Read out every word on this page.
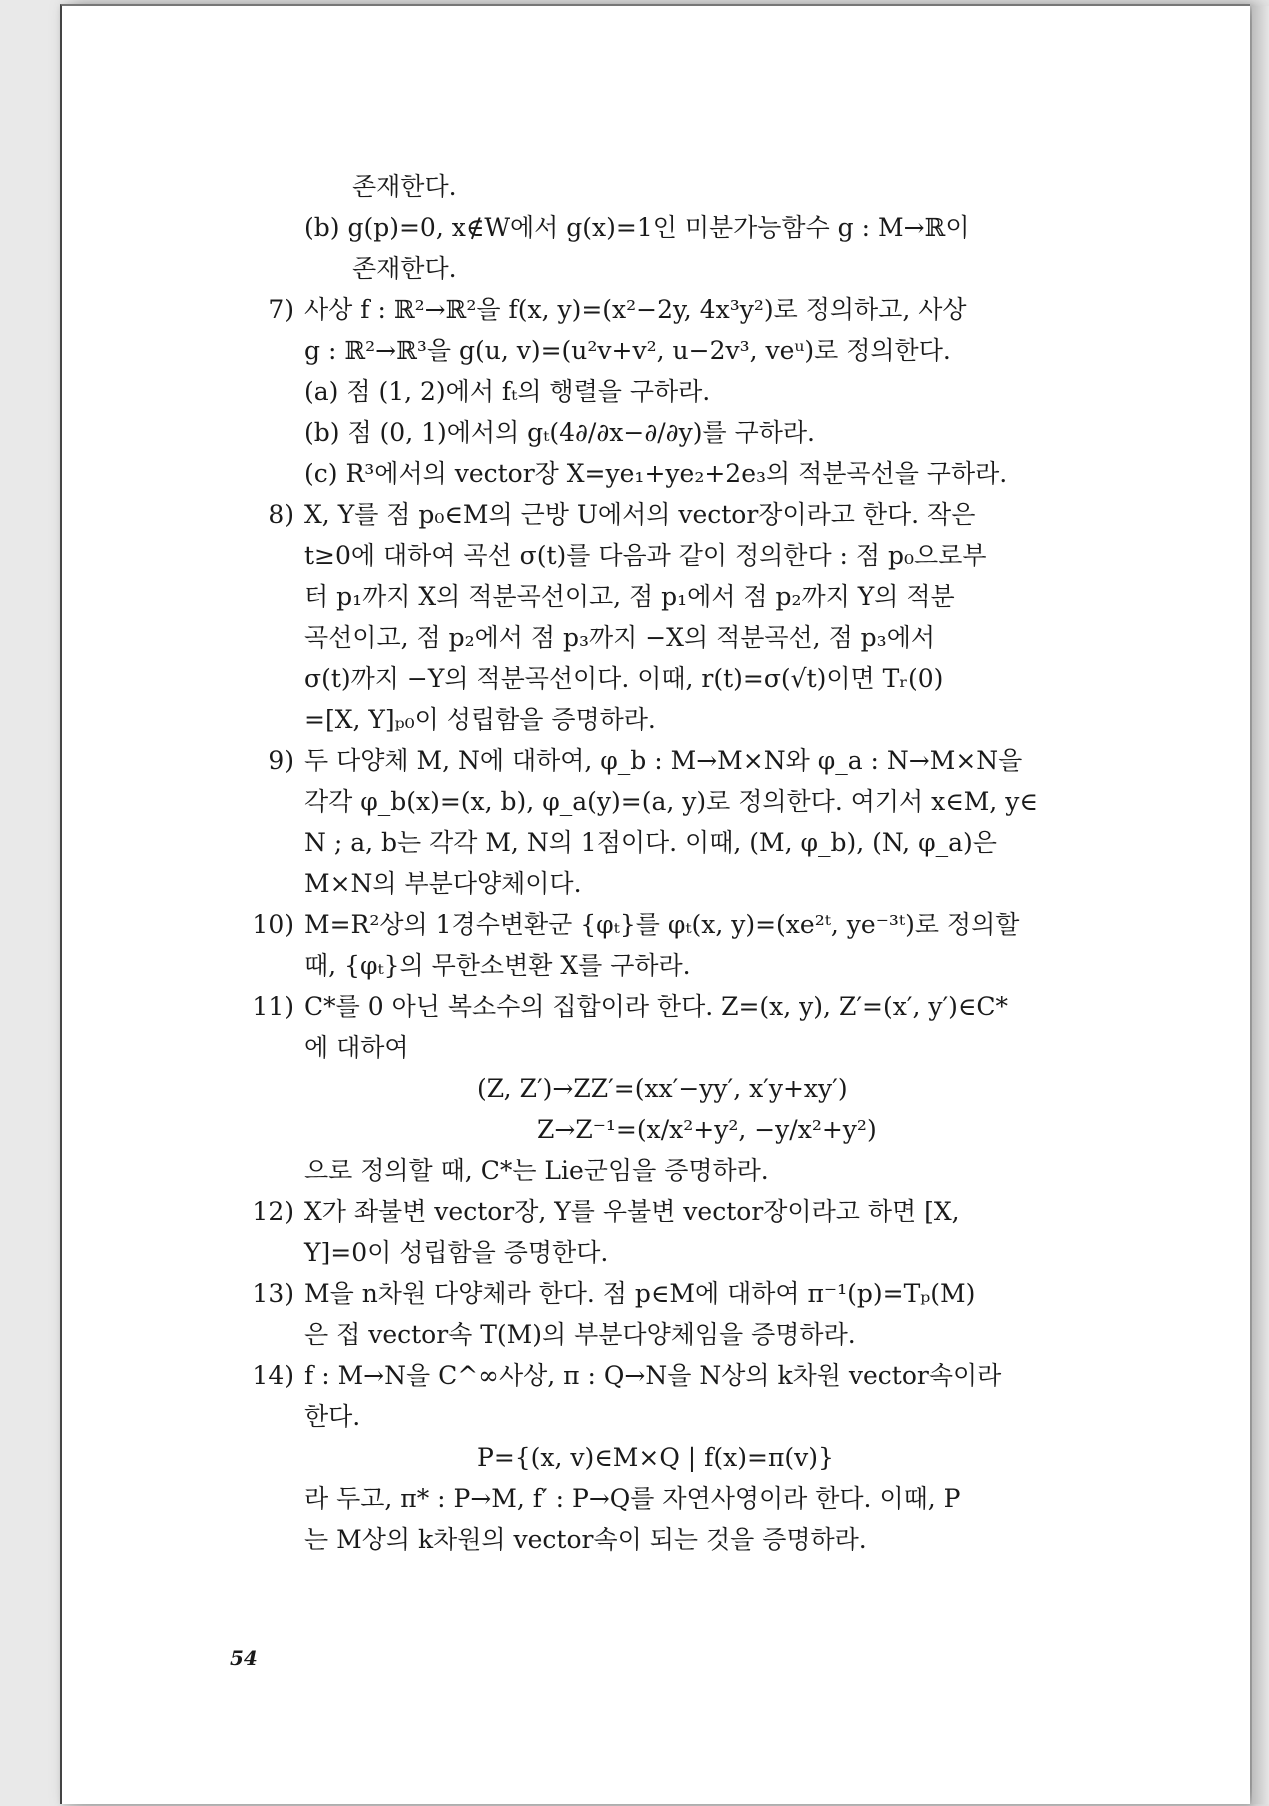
존재한다.
(b) g(p)=0, x∉W에서 g(x)=1인 미분가능함수 g : M→ℝ이
존재한다.
7) 사상 f : ℝ²→ℝ²을 f(x, y)=(x²−2y, 4x³y²)로 정의하고, 사상
g : ℝ²→ℝ³을 g(u, v)=(u²v+v², u−2v³, veᵘ)로 정의한다.
(a) 점 (1, 2)에서 fₜ의 행렬을 구하라.
(b) 점 (0, 1)에서의 gₜ(4∂/∂x−∂/∂y)를 구하라.
(c) R³에서의 vector장 X=ye₁+ye₂+2e₃의 적분곡선을 구하라.
8) X, Y를 점 p₀∈M의 근방 U에서의 vector장이라고 한다. 작은
t≥0에 대하여 곡선 σ(t)를 다음과 같이 정의한다 : 점 p₀으로부
터 p₁까지 X의 적분곡선이고, 점 p₁에서 점 p₂까지 Y의 적분
곡선이고, 점 p₂에서 점 p₃까지 −X의 적분곡선, 점 p₃에서
σ(t)까지 −Y의 적분곡선이다. 이때, r(t)=σ(√t)이면 Tᵣ(0)
=[X, Y]ₚ₀이 성립함을 증명하라.
9) 두 다양체 M, N에 대하여, φ_b : M→M×N와 φ_a : N→M×N을
각각 φ_b(x)=(x, b), φ_a(y)=(a, y)로 정의한다. 여기서 x∈M, y∈
N ; a, b는 각각 M, N의 1점이다. 이때, (M, φ_b), (N, φ_a)은
M×N의 부분다양체이다.
10) M=R²상의 1경수변환군 {φₜ}를 φₜ(x, y)=(xe²ᵗ, ye⁻³ᵗ)로 정의할
때, {φₜ}의 무한소변환 X를 구하라.
11) C*를 0 아닌 복소수의 집합이라 한다. Z=(x, y), Z′=(x′, y′)∈C*
에 대하여
(Z, Z′)→ZZ′=(xx′−yy′, x′y+xy′)
Z→Z⁻¹=(x/x²+y², −y/x²+y²)
으로 정의할 때, C*는 Lie군임을 증명하라.
12) X가 좌불변 vector장, Y를 우불변 vector장이라고 하면 [X,
Y]=0이 성립함을 증명한다.
13) M을 n차원 다양체라 한다. 점 p∈M에 대하여 π⁻¹(p)=Tₚ(M)
은 접 vector속 T(M)의 부분다양체임을 증명하라.
14) f : M→N을 C^∞사상, π : Q→N을 N상의 k차원 vector속이라
한다.
P={(x, v)∈M×Q | f(x)=π(v)}
라 두고, π* : P→M, f′ : P→Q를 자연사영이라 한다. 이때, P
는 M상의 k차원의 vector속이 되는 것을 증명하라.
54
